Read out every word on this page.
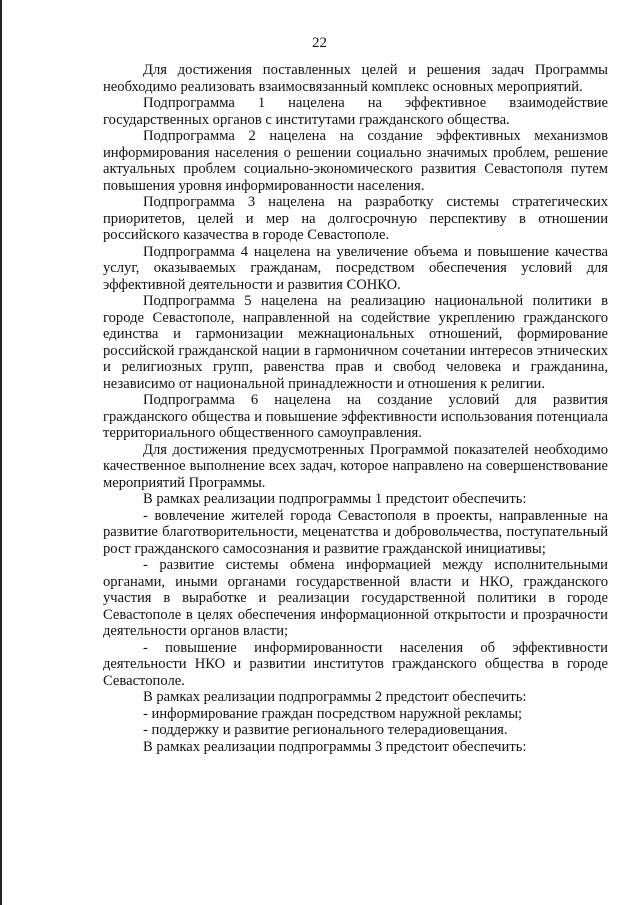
22

Для достижения поставленных целей и решения задач Программы необходимо реализовать взаимосвязанный комплекс основных мероприятий.

Подпрограмма 1 нацелена на эффективное взаимодействие государственных органов с институтами гражданского общества.

Подпрограмма 2 нацелена на создание эффективных механизмов информирования населения о решении социально значимых проблем, решение актуальных проблем социально-экономического развития Севастополя путем повышения уровня информированности населения.

Подпрограмма 3 нацелена на разработку системы стратегических приоритетов, целей и мер на долгосрочную перспективу в отношении российского казачества в городе Севастополе.

Подпрограмма 4 нацелена на увеличение объема и повышение качества услуг, оказываемых гражданам, посредством обеспечения условий для эффективной деятельности и развития СОНКО.

Подпрограмма 5 нацелена на реализацию национальной политики в городе Севастополе, направленной на содействие укреплению гражданского единства и гармонизации межнациональных отношений, формирование российской гражданской нации в гармоничном сочетании интересов этнических и религиозных групп, равенства прав и свобод человека и гражданина, независимо от национальной принадлежности и отношения к религии.

Подпрограмма 6 нацелена на создание условий для развития гражданского общества и повышение эффективности использования потенциала территориального общественного самоуправления.

Для достижения предусмотренных Программой показателей необходимо качественное выполнение всех задач, которое направлено на совершенствование мероприятий Программы.

В рамках реализации подпрограммы 1 предстоит обеспечить:

- вовлечение жителей города Севастополя в проекты, направленные на развитие благотворительности, меценатства и добровольчества, поступательный рост гражданского самосознания и развитие гражданской инициативы;

- развитие системы обмена информацией между исполнительными органами, иными органами государственной власти и НКО, гражданского участия в выработке и реализации государственной политики в городе Севастополе в целях обеспечения информационной открытости и прозрачности деятельности органов власти;

- повышение информированности населения об эффективности деятельности НКО и развитии институтов гражданского общества в городе Севастополе.

В рамках реализации подпрограммы 2 предстоит обеспечить:

- информирование граждан посредством наружной рекламы;

- поддержку и развитие регионального телерадиовещания.

В рамках реализации подпрограммы 3 предстоит обеспечить:
